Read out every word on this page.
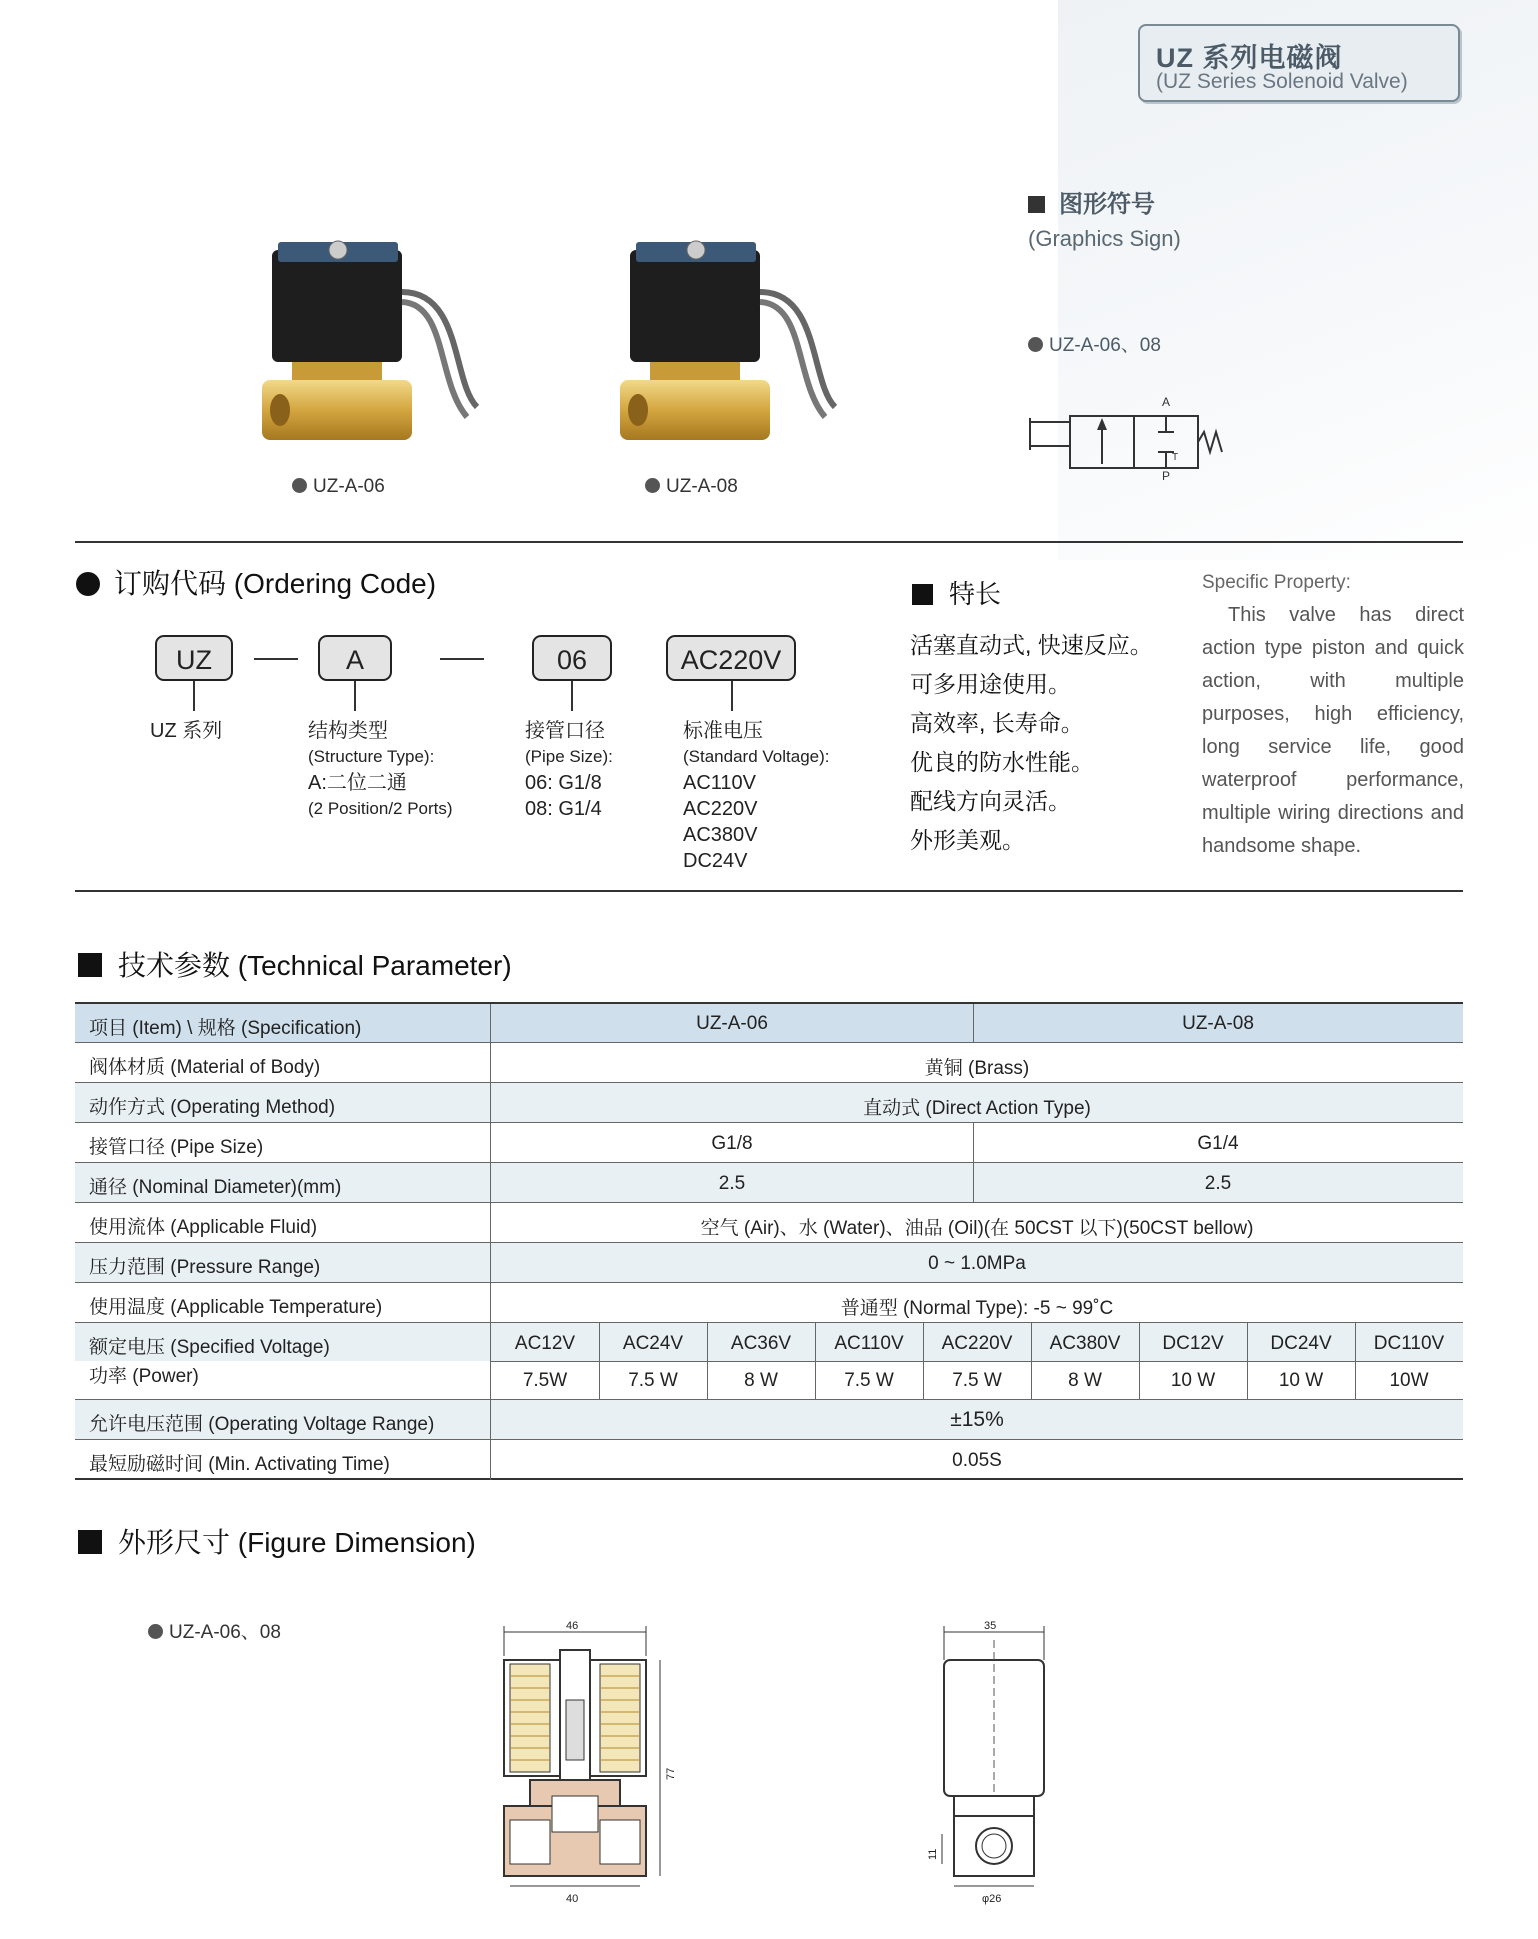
UZ 系列电磁阀
(UZ Series Solenoid Valve)
UZ-A-06	UZ-A-08
图形符号
(Graphics Sign)
UZ-A-06、08
A
T
P
订购代码 (Ordering Code)
UZ	A	06	AC220V
UZ 系列	结构类型
(Structure Type):
A:二位二通
(2 Position/2 Ports)
接管口径
(Pipe Size):
06: G1/8
08: G1/4
标准电压
(Standard Voltage):
AC110V
AC220V
AC380V
DC24V
特长
活塞直动式, 快速反应。
可多用途使用。
高效率, 长寿命。
优良的防水性能。
配线方向灵活。
外形美观。
Specific Property:
This valve has direct action type piston and quick action, with multiple purposes, high efficiency, long service life, good waterproof performance, multiple wiring directions and handsome shape.
技术参数 (Technical Parameter)
项目 (Item) \ 规格 (Specification)	UZ-A-06	UZ-A-08
阀体材质 (Material of Body)	黄铜 (Brass)
动作方式 (Operating Method)	直动式 (Direct Action Type)
接管口径 (Pipe Size)	G1/8	G1/4
通径 (Nominal Diameter)(mm)	2.5	2.5
使用流体 (Applicable Fluid)	空气 (Air)、水 (Water)、油品 (Oil)(在 50CST 以下)(50CST bellow)
压力范围 (Pressure Range)	0 ~ 1.0MPa
使用温度 (Applicable Temperature)	普通型 (Normal Type): -5 ~ 99˚C
额定电压 (Specified Voltage)	AC12V	AC24V	AC36V	AC110V	AC220V	AC380V	DC12V	DC24V	DC110V
功率 (Power)	7.5W	7.5 W	8 W	7.5 W	7.5 W	8 W	10 W	10 W	10W
允许电压范围 (Operating Voltage Range)	±15%
最短励磁时间 (Min. Activating Time)	0.05S
外形尺寸 (Figure Dimension)
UZ-A-06、08	46
77
40
35
11
φ26
